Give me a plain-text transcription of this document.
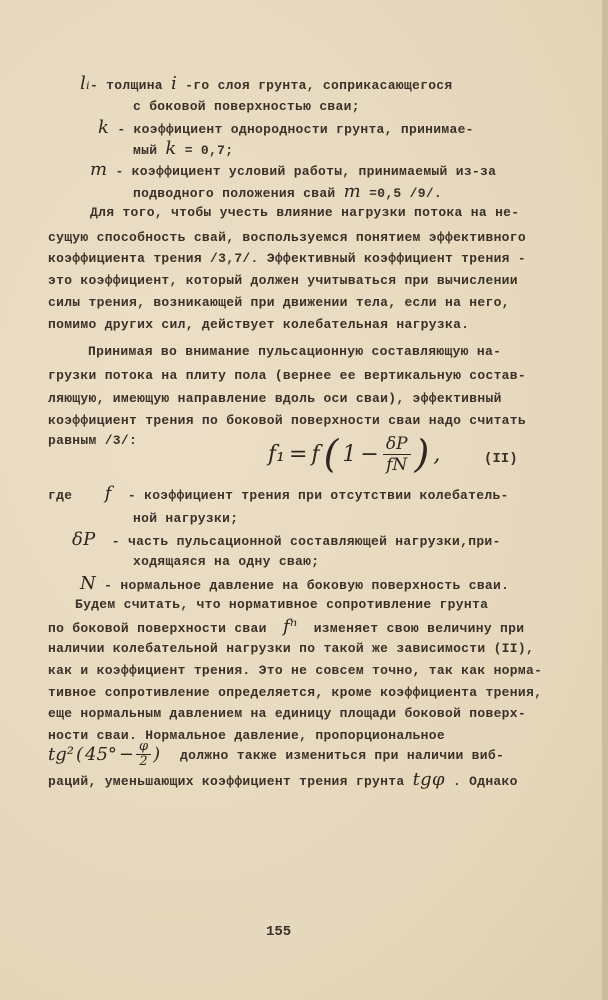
lᵢ- толщина i -го слоя грунта, соприкасающегося
с боковой поверхностью сваи;
k - коэффициент однородности грунта, принимае-
мый k = 0,7;
m - коэффициент условий работы, принимаемый из-за
подводного положения свай m =0,5 /9/.
Для того, чтобы учесть влияние нагрузки потока на не-
сущую способность свай, воспользуемся понятием эффективного
коэффициента трения /3,7/. Эффективный коэффициент трения -
это коэффициент, который должен учитываться при вычислении
силы трения, возникающей при движении тела, если на него,
помимо других сил, действует колебательная нагрузка.
Принимая во внимание пульсационную составляющую на-
грузки потока на плиту пола (вернее ее вертикальную состав-
ляющую, имеющую направление вдоль оси сваи), эффективный
коэффициент трения по боковой поверхности сваи надо считать
равным /3/:
где    f  - коэффициент трения при отсутствии колебатель-
ной нагрузки;
δP  - часть пульсационной составляющей нагрузки,при-
ходящаяся на одну сваю;
N - нормальное давление на боковую поверхность сваи.
Будем считать, что нормативное сопротивление грунта
по боковой поверхности сваи  fⁿ  изменяет свою величину при
наличии колебательной нагрузки по такой же зависимости (II),
как и коэффициент трения. Это не совсем точно, так как норма-
тивное сопротивление определяется, кроме коэффициента трения,
еще нормальным давлением на единицу площади боковой поверх-
ности сваи. Нормальное давление, пропорциональное
должно также измениться при наличии виб-
раций, уменьшающих коэффициент трения грунта tgφ . Однако
f₁ = f ( $1 - \frac{\delta P}{fN}$ ) ,	(II)
tg² ( $45^\circ - \frac{\varphi}{2}$ )
155
